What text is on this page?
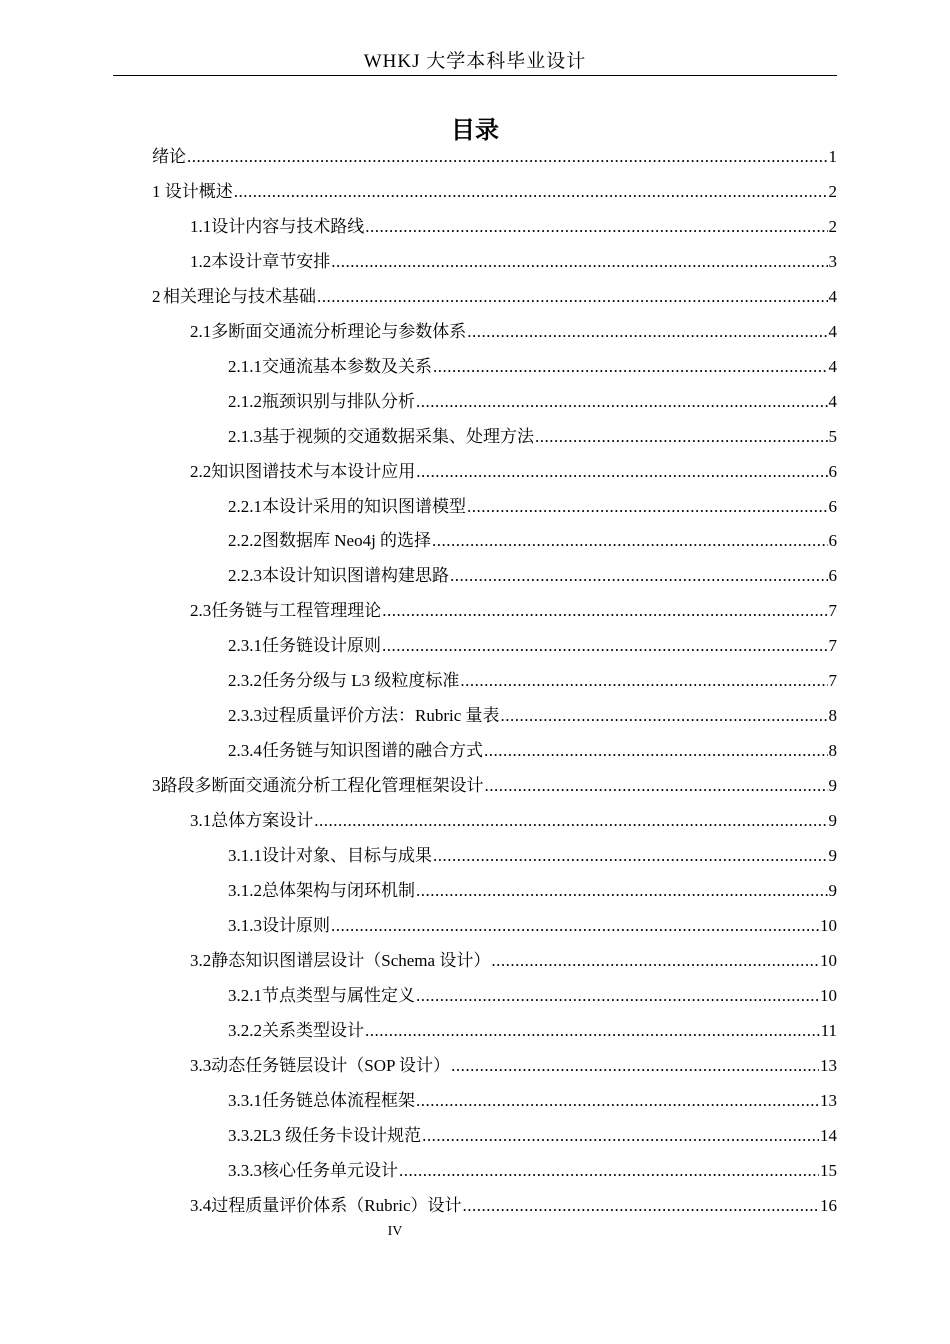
WHKJ 大学本科毕业设计
目录
绪论 .....	1
1 设计概述 .....	2
1.1 设计内容与技术路线 .....	2
1.2 本设计章节安排 .....	3
2 相关理论与技术基础 .....	4
2.1 多断面交通流分析理论与参数体系 .....	4
2.1.1 交通流基本参数及关系 .....	4
2.1.2 瓶颈识别与排队分析 .....	4
2.1.3 基于视频的交通数据采集、处理方法 .....	5
2.2 知识图谱技术与本设计应用 .....	6
2.2.1 本设计采用的知识图谱模型 .....	6
2.2.2 图数据库 Neo4j 的选择 .....	6
2.2.3 本设计知识图谱构建思路 .....	6
2.3 任务链与工程管理理论 .....	7
2.3.1 任务链设计原则 .....	7
2.3.2 任务分级与 L3 级粒度标准 .....	7
2.3.3 过程质量评价方法：Rubric 量表 .....	8
2.3.4 任务链与知识图谱的融合方式 .....	8
3 路段多断面交通流分析工程化管理框架设计 .....	9
3.1 总体方案设计 .....	9
3.1.1 设计对象、目标与成果 .....	9
3.1.2 总体架构与闭环机制 .....	9
3.1.3 设计原则 .....	10
3.2 静态知识图谱层设计（Schema 设计） .....	10
3.2.1 节点类型与属性定义 .....	10
3.2.2 关系类型设计 .....	11
3.3 动态任务链层设计（SOP 设计） .....	13
3.3.1 任务链总体流程框架 .....	13
3.3.2 L3 级任务卡设计规范 .....	14
3.3.3 核心任务单元设计 .....	15
3.4 过程质量评价体系（Rubric）设计 .....	16
IV
